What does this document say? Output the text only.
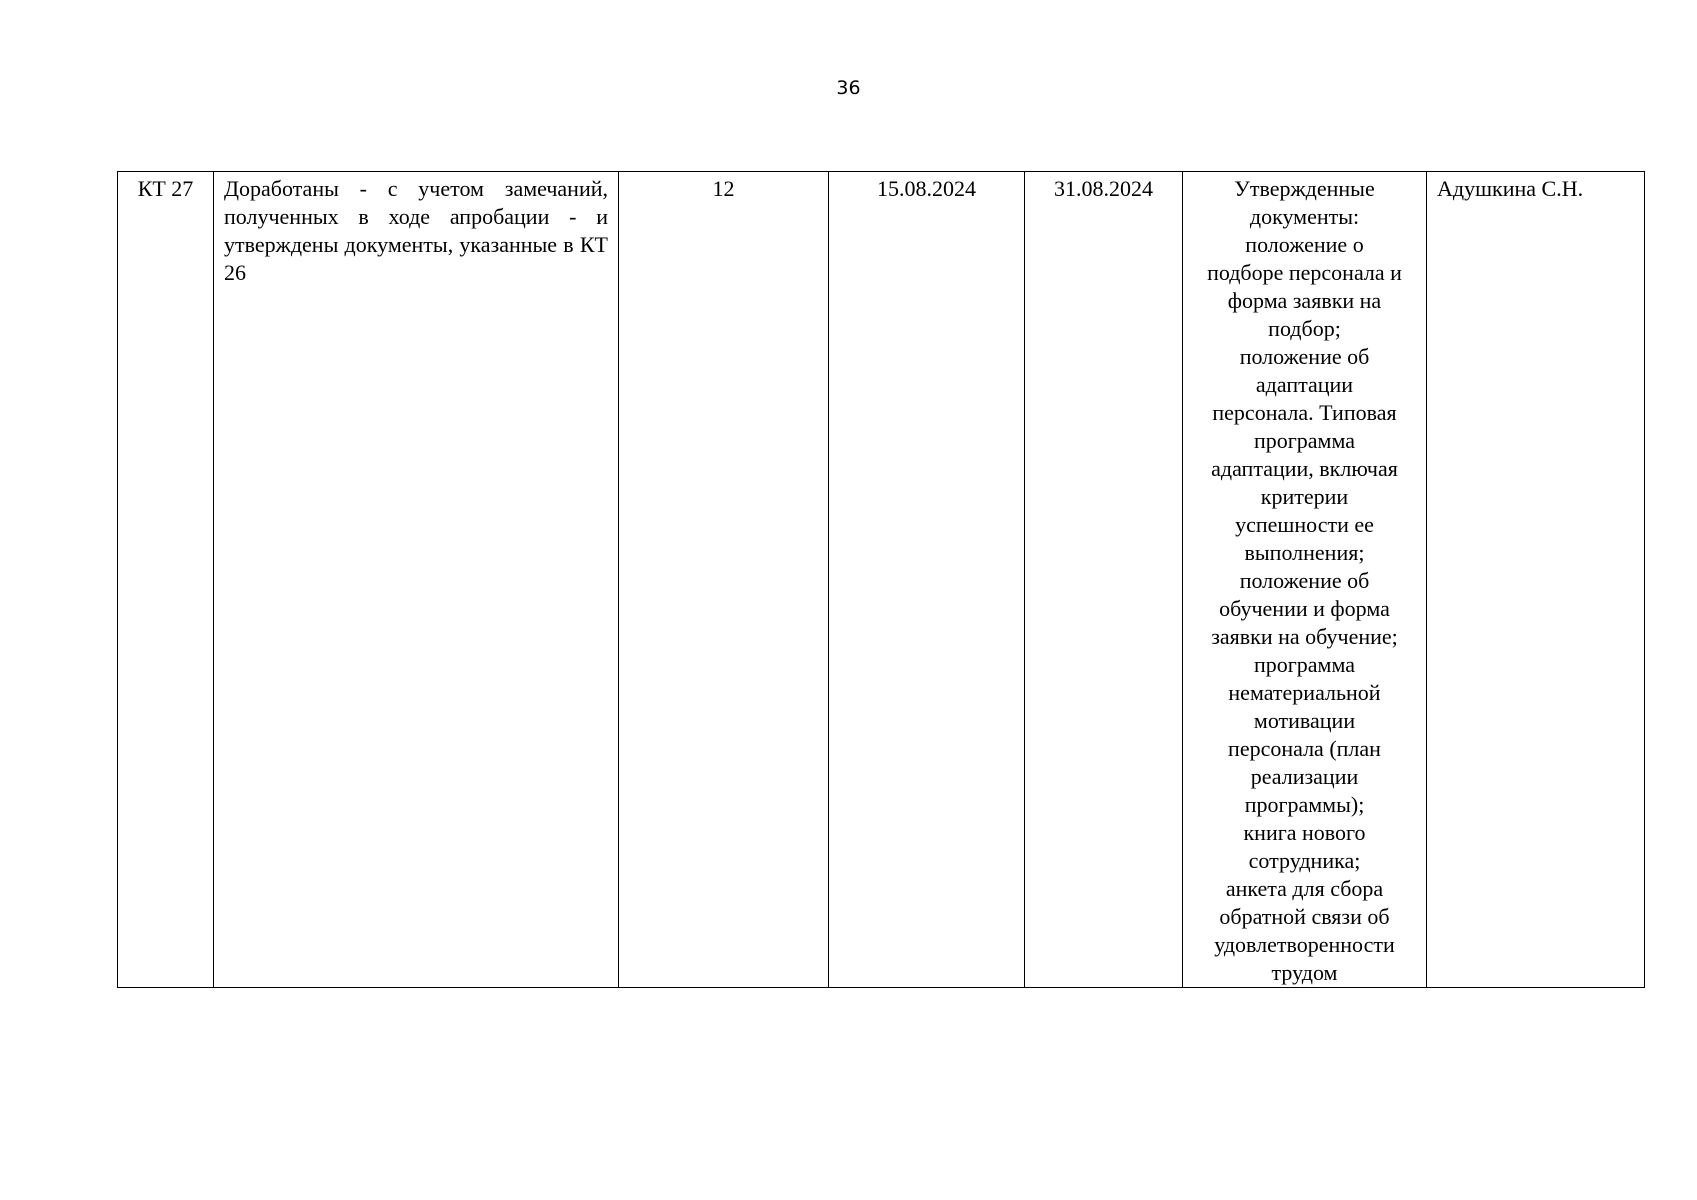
36
КТ 27	Доработаны - с учетом замечаний, полученных в ходе апробации - и утверждены документы, указанные в КТ 26	12	15.08.2024	31.08.2024	Утвержденные
документы:
положение о
подборе персонала и
форма заявки на
подбор;
положение об
адаптации
персонала. Типовая
программа
адаптации, включая
критерии
успешности ее
выполнения;
положение об
обучении и форма
заявки на обучение;
программа
нематериальной
мотивации
персонала (план
реализации
программы);
книга нового
сотрудника;
анкета для сбора
обратной связи об
удовлетворенности
трудом
	Адушкина С.Н.
